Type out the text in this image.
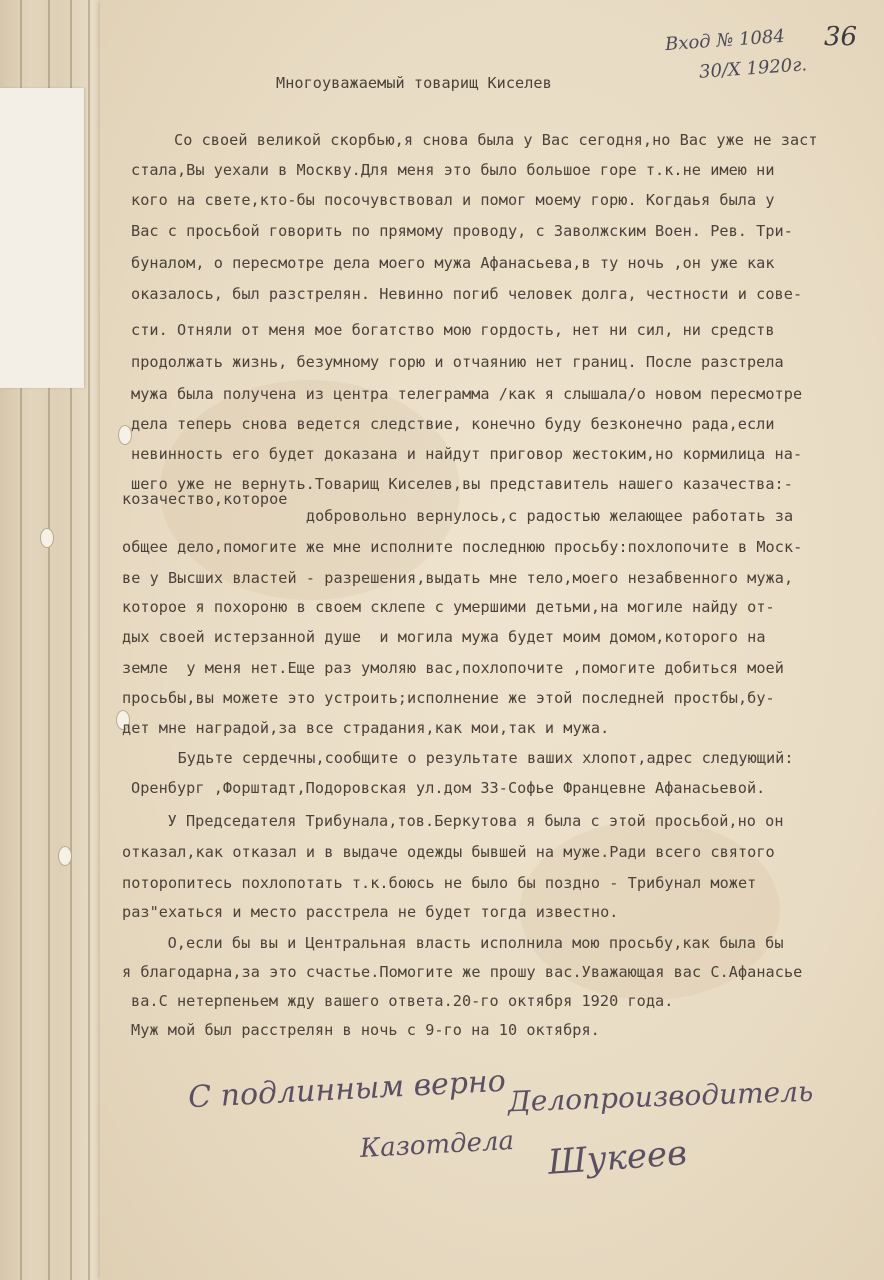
Вход № 1084
30/X 1920г.
36
Многоуважаемый товарищ Киселев
Со своей великой скорбью,я снова была у Вас сегодня,но Вас уже не заст
стала,Вы уехали в Москву.Для меня это было большое горе т.к.не имею ни
кого на свете,кто-бы посочувствовал и помог моему горю. Когдаья была у
Вас с просьбой говорить по прямому проводу, с Заволжским Воен. Рев. Три-
буналом, о пересмотре дела моего мужа Афанасьева,в ту ночь ,он уже как
оказалось, был разстрелян. Невинно погиб человек долга, честности и сове-
сти. Отняли от меня мое богатство мою гордость, нет ни сил, ни средств
продолжать жизнь, безумному горю и отчаянию нет границ. После разстрела
мужа была получена из центра телеграмма /как я слышала/о новом пересмотре
дела теперь снова ведется следствие, конечно буду безконечно рада,если
невинность его будет доказана и найдут приговор жестоким,но кормилица на-
шего уже не вернуть.Товарищ Киселев,вы представитель нашего казачества:-
козачество,которое
добровольно вернулось,с радостью желающее работать за
общее дело,помогите же мне исполните последнюю просьбу:похлопочите в Моск-
ве у Высших властей - разрешения,выдать мне тело,моего незабвенного мужа,
которое я похороню в своем склепе с умершими детьми,на могиле найду от-
дых своей истерзанной душе  и могила мужа будет моим домом,которого на
земле  у меня нет.Еще раз умоляю вас,похлопочите ,помогите добиться моей
просьбы,вы можете это устроить;исполнение же этой последней простбы,бу-
дет мне наградой,за все страдания,как мои,так и мужа.
Будьте сердечны,сообщите о результате ваших хлопот,адрес следующий:
Оренбург ,Форштадт,Подоровская ул.дом 33-Софье Францевне Афанасьевой.
У Председателя Трибунала,тов.Беркутова я была с этой просьбой,но он
отказал,как отказал и в выдаче одежды бывшей на муже.Ради всего святого
поторопитесь похлопотать т.к.боюсь не было бы поздно - Трибунал может
раз"ехаться и место расстрела не будет тогда известно.
О,если бы вы и Центральная власть исполнила мою просьбу,как была бы
я благодарна,за это счастье.Помогите же прошу вас.Уважающая вас С.Афанасье
ва.С нетерпеньем жду вашего ответа.20-го октября 1920 года.
Муж мой был расстрелян в ночь с 9-го на 10 октября.
С подлинным верно Делопроизводитель
Казотдела Шукеев
